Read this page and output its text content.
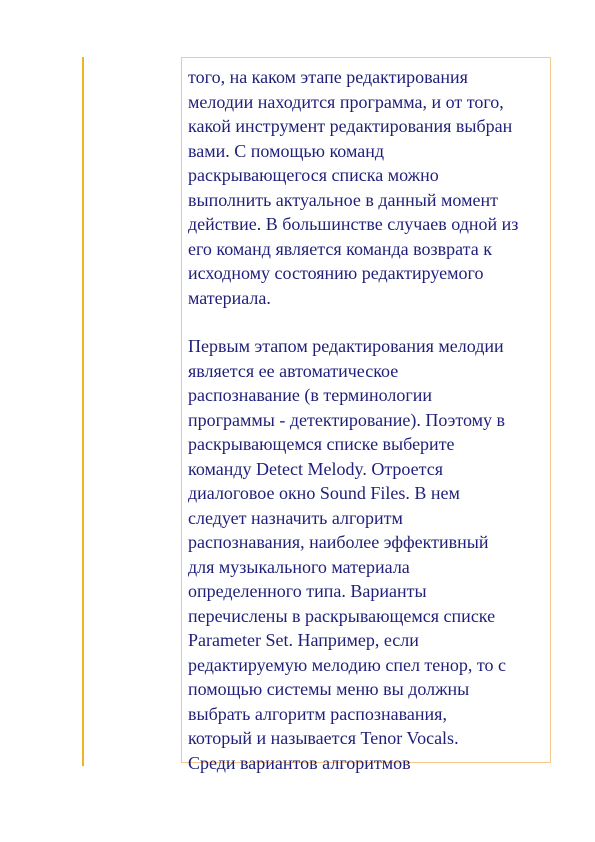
того, на каком этапе редактирования
мелодии находится программа, и от того,
какой инструмент редактирования выбран
вами. С помощью команд
раскрывающегося списка можно
выполнить актуальное в данный момент
действие. В большинстве случаев одной из
его команд является команда возврата к
исходному состоянию редактируемого
материала.

Первым этапом редактирования мелодии
является ее автоматическое
распознавание (в терминологии
программы - детектирование). Поэтому в
раскрывающемся списке выберите
команду Detect Melody. Отроется
диалоговое окно Sound Files. В нем
следует назначить алгоритм
распознавания, наиболее эффективный
для музыкального материала
определенного типа. Варианты
перечислены в раскрывающемся списке
Parameter Set. Например, если
редактируемую мелодию спел тенор, то с
помощью системы меню вы должны
выбрать алгоритм распознавания,
который и называется Tenor Vocals.
Среди вариантов алгоритмов
